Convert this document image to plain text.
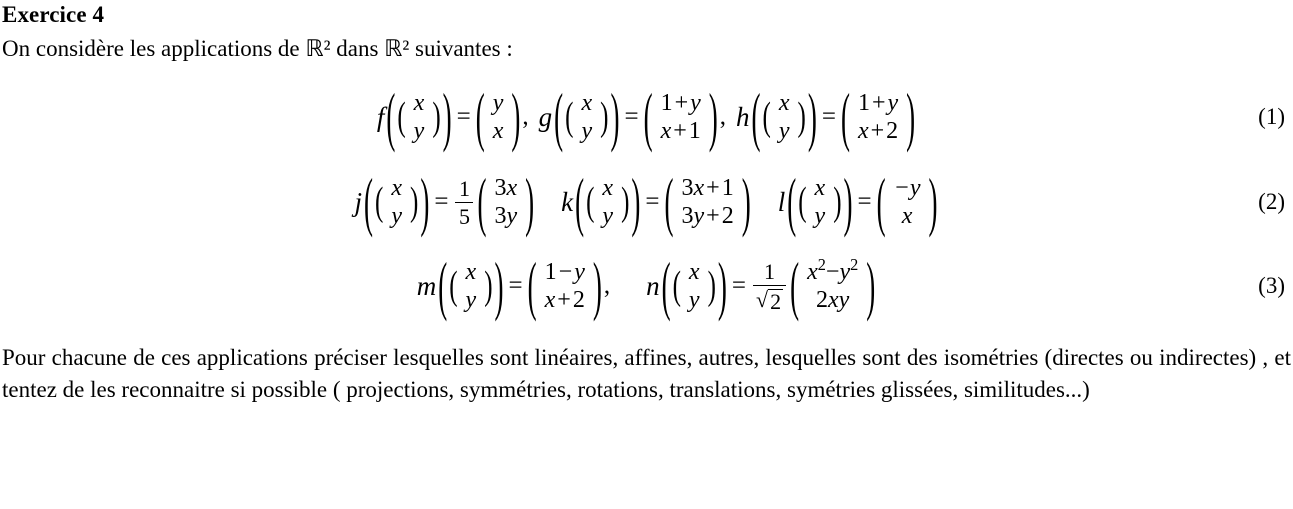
Exercice 4
On considère les applications de ℝ² dans ℝ² suivantes :
f ( ( x
y ) ) = ( y
x ) , g ( ( x
y ) ) = ( 1 + y
x + 1 ) , h ( ( x
y ) ) = ( 1 + y
x + 2 )	(1)
j ( ( x
y ) ) = $\frac{1}{5}$ ( 3x
3y ) k ( ( x
y ) ) = ( 3x + 1
3y + 2 ) l ( ( x
y ) ) = ( −y
x )	(2)
m ( ( x
y ) ) = ( 1 − y
x + 2 ) , n ( ( x
y ) ) = $\frac{1}{√ 2}$ ( $x^2-y^2$
2xy )	(3)
Pour chacune de ces applications préciser lesquelles sont linéaires, affines, autres, lesquelles sont des isométries (directes ou indirectes) , et tentez de les reconnaitre si possible ( projections, symmétries, rotations, translations, symétries glissées, similitudes...)
